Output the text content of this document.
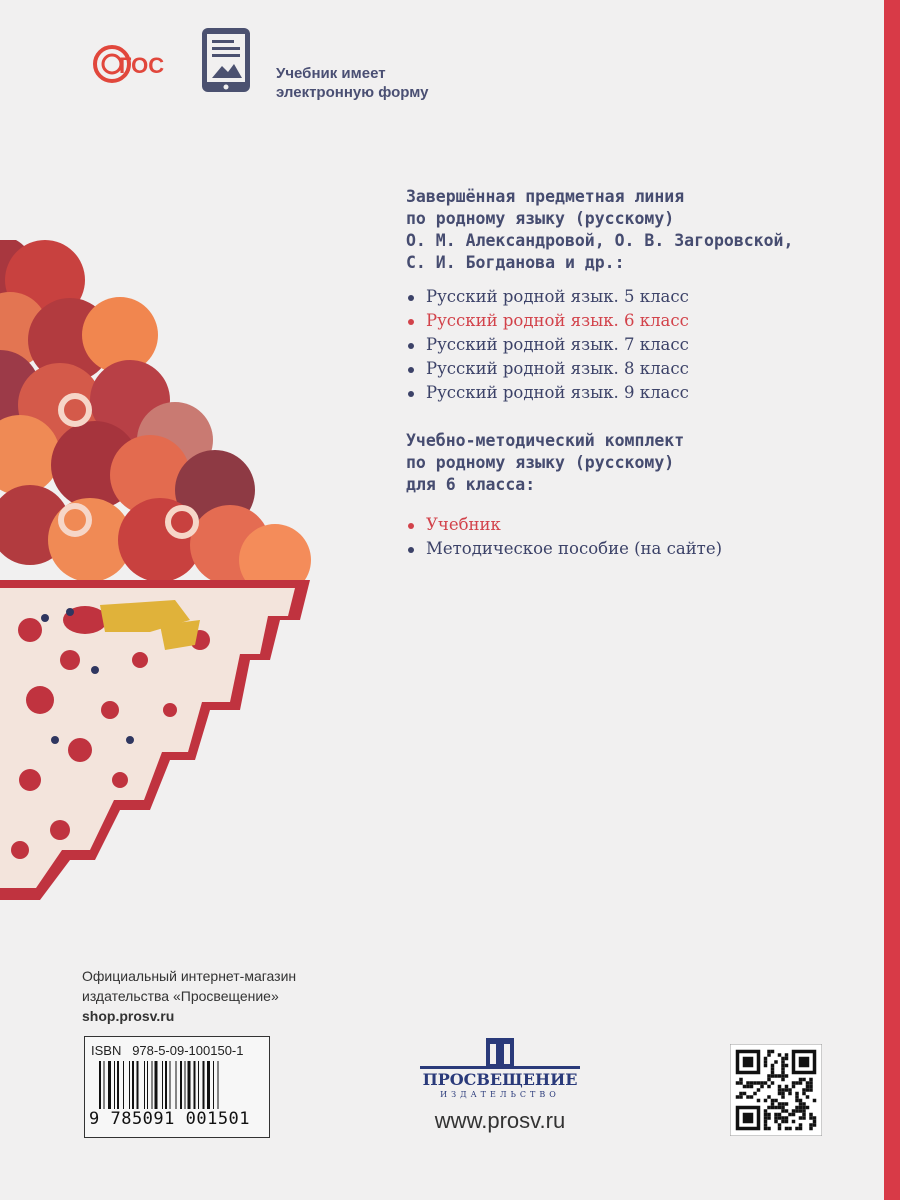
ГОС	Учебник имеет
электронную форму
Завершённая предметная линия
по родному языку (русскому)
О. М. Александровой, О. В. Загоровской,
С. И. Богданова и др.:
Русский родной язык. 5 класс
Русский родной язык. 6 класс
Русский родной язык. 7 класс
Русский родной язык. 8 класс
Русский родной язык. 9 класс
Учебно-методический комплект
по родному языку (русскому)
для 6 класса:
Учебник
Методическое пособие (на сайте)
Официальный интернет-магазин
издательства «Просвещение»
shop.prosv.ru
ISBN 978-5-09-100150-1
9 785091 001501
ПРОСВЕЩЕНИЕ
ИЗДАТЕЛЬСТВО
www.prosv.ru
